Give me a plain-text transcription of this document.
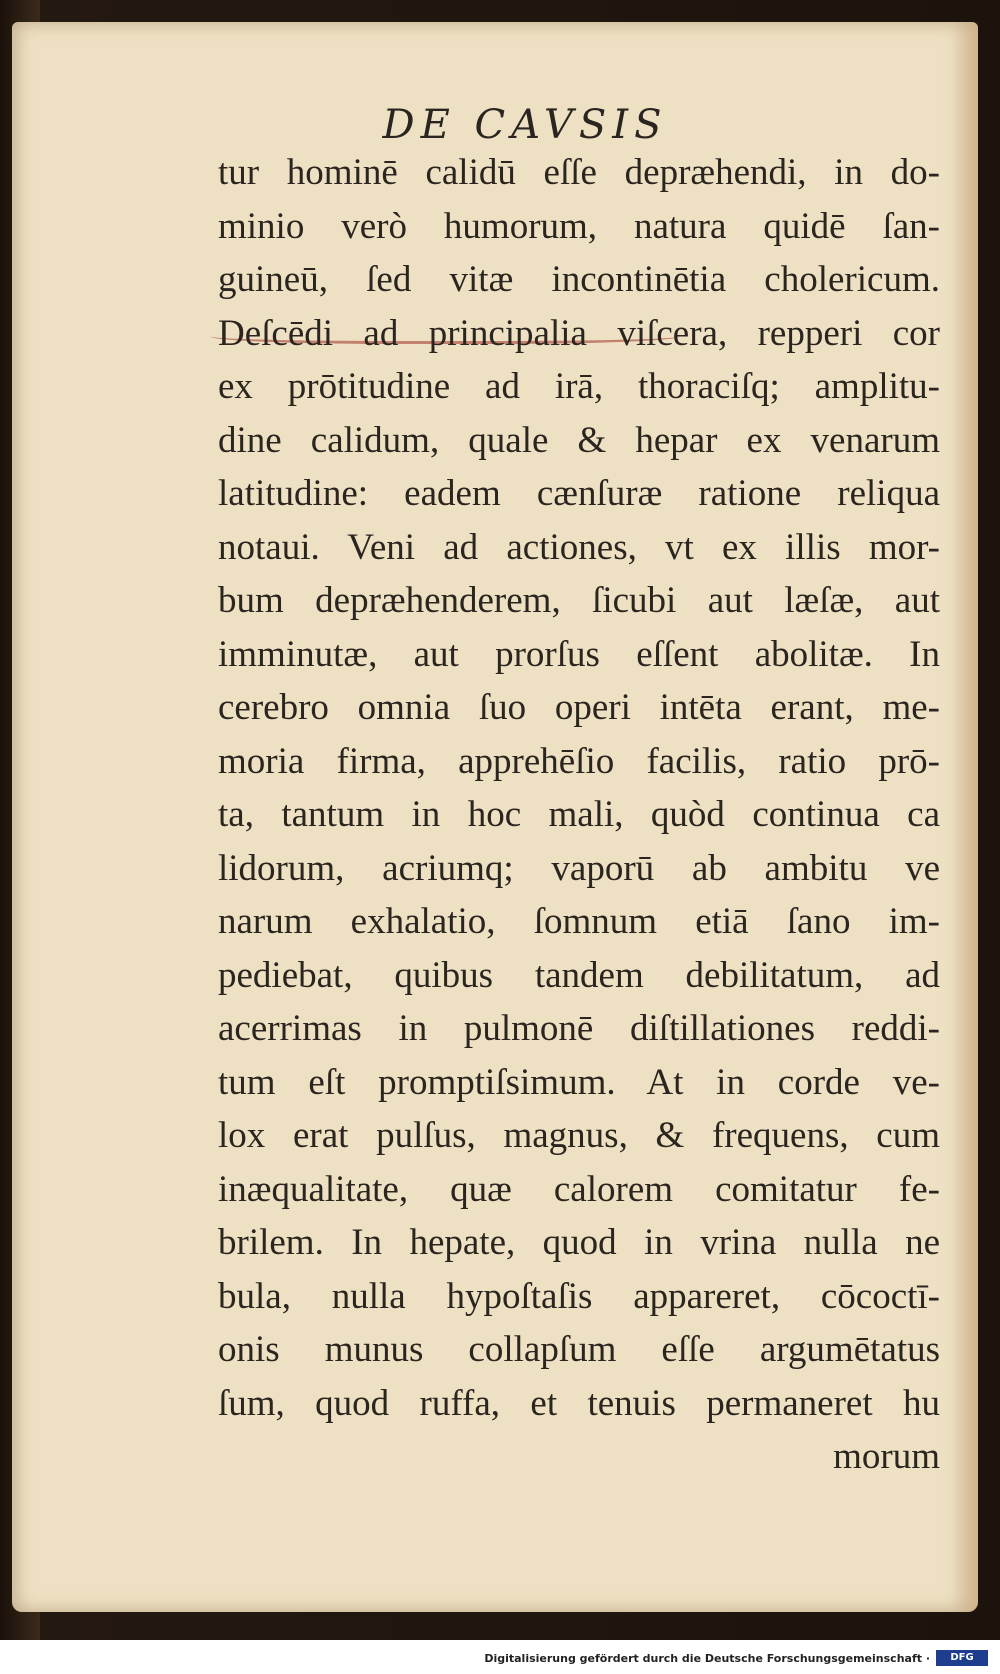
DE CAVSIS
tur hominē calidū eſſe depræhendi, in do-
minio verò humorum, natura quidē ſan-
guineū, ſed vitæ incontinētia cholericum.
Deſcēdi ad principalia viſcera, repperi cor
ex prōtitudine ad irā, thoraciſq; amplitu-
dine calidum, quale & hepar ex venarum
latitudine: eadem cænſuræ ratione reliqua
notaui. Veni ad actiones, vt ex illis mor-
bum depræhenderem, ſicubi aut læſæ, aut
imminutæ, aut prorſus eſſent abolitæ. In
cerebro omnia ſuo operi intēta erant, me-
moria firma, apprehēſio facilis, ratio prō-
ta, tantum in hoc mali, quòd continua ca
lidorum, acriumq; vaporū ab ambitu ve
narum exhalatio, ſomnum etiā ſano im-
pediebat, quibus tandem debilitatum, ad
acerrimas in pulmonē diſtillationes reddi-
tum eſt promptiſsimum. At in corde ve-
lox erat pulſus, magnus, & frequens, cum
inæqualitate, quæ calorem comitatur fe-
brilem. In hepate, quod in vrina nulla ne
bula, nulla hypoſtaſis appareret, cōcoctī-
onis munus collapſum eſſe argumētatus
ſum, quod ruffa, et tenuis permaneret hu
morum
Digitalisierung gefördert durch die Deutsche Forschungsgemeinschaft ·	DFG
